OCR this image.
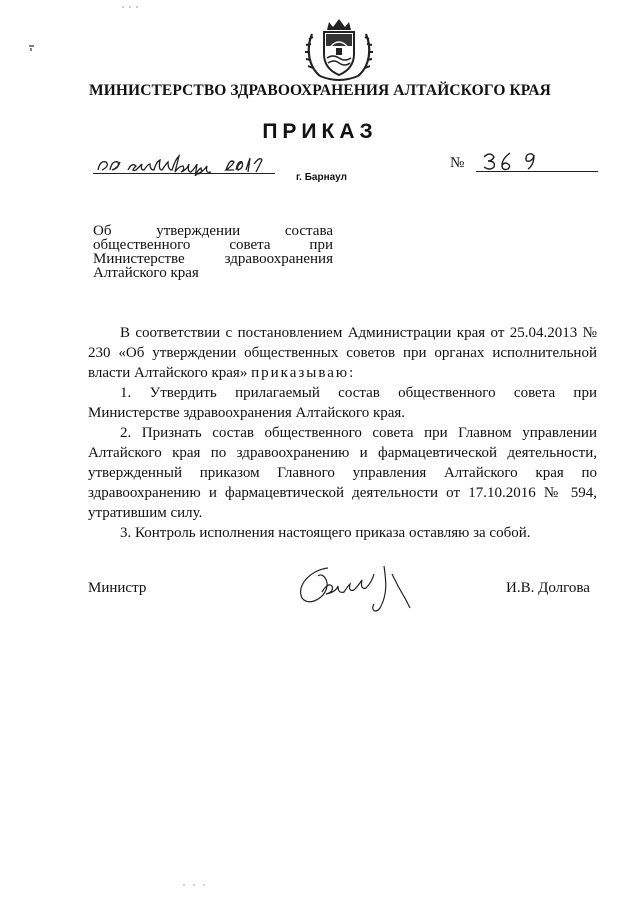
МИНИСТЕРСТВО ЗДРАВООХРАНЕНИЯ АЛТАЙСКОГО КРАЯ
ПРИКАЗ
г. Барнаул
№
Об утверждении состава общественного совета при Министерстве здравоохранения Алтайского края

В соответствии с постановлением Администрации края от 25.04.2013 № 230 «Об утверждении общественных советов при органах исполнительной власти Алтайского края» приказываю:

1. Утвердить прилагаемый состав общественного совета при Министерстве здравоохранения Алтайского края.

2. Признать состав общественного совета при Главном управлении Алтайского края по здравоохранению и фармацевтической деятельности, утвержденный приказом Главного управления Алтайского края по здравоохранению и фармацевтической деятельности от 17.10.2016 № 594, утратившим силу.

3. Контроль исполнения настоящего приказа оставляю за собой.

Министр	И.В. Долгова
